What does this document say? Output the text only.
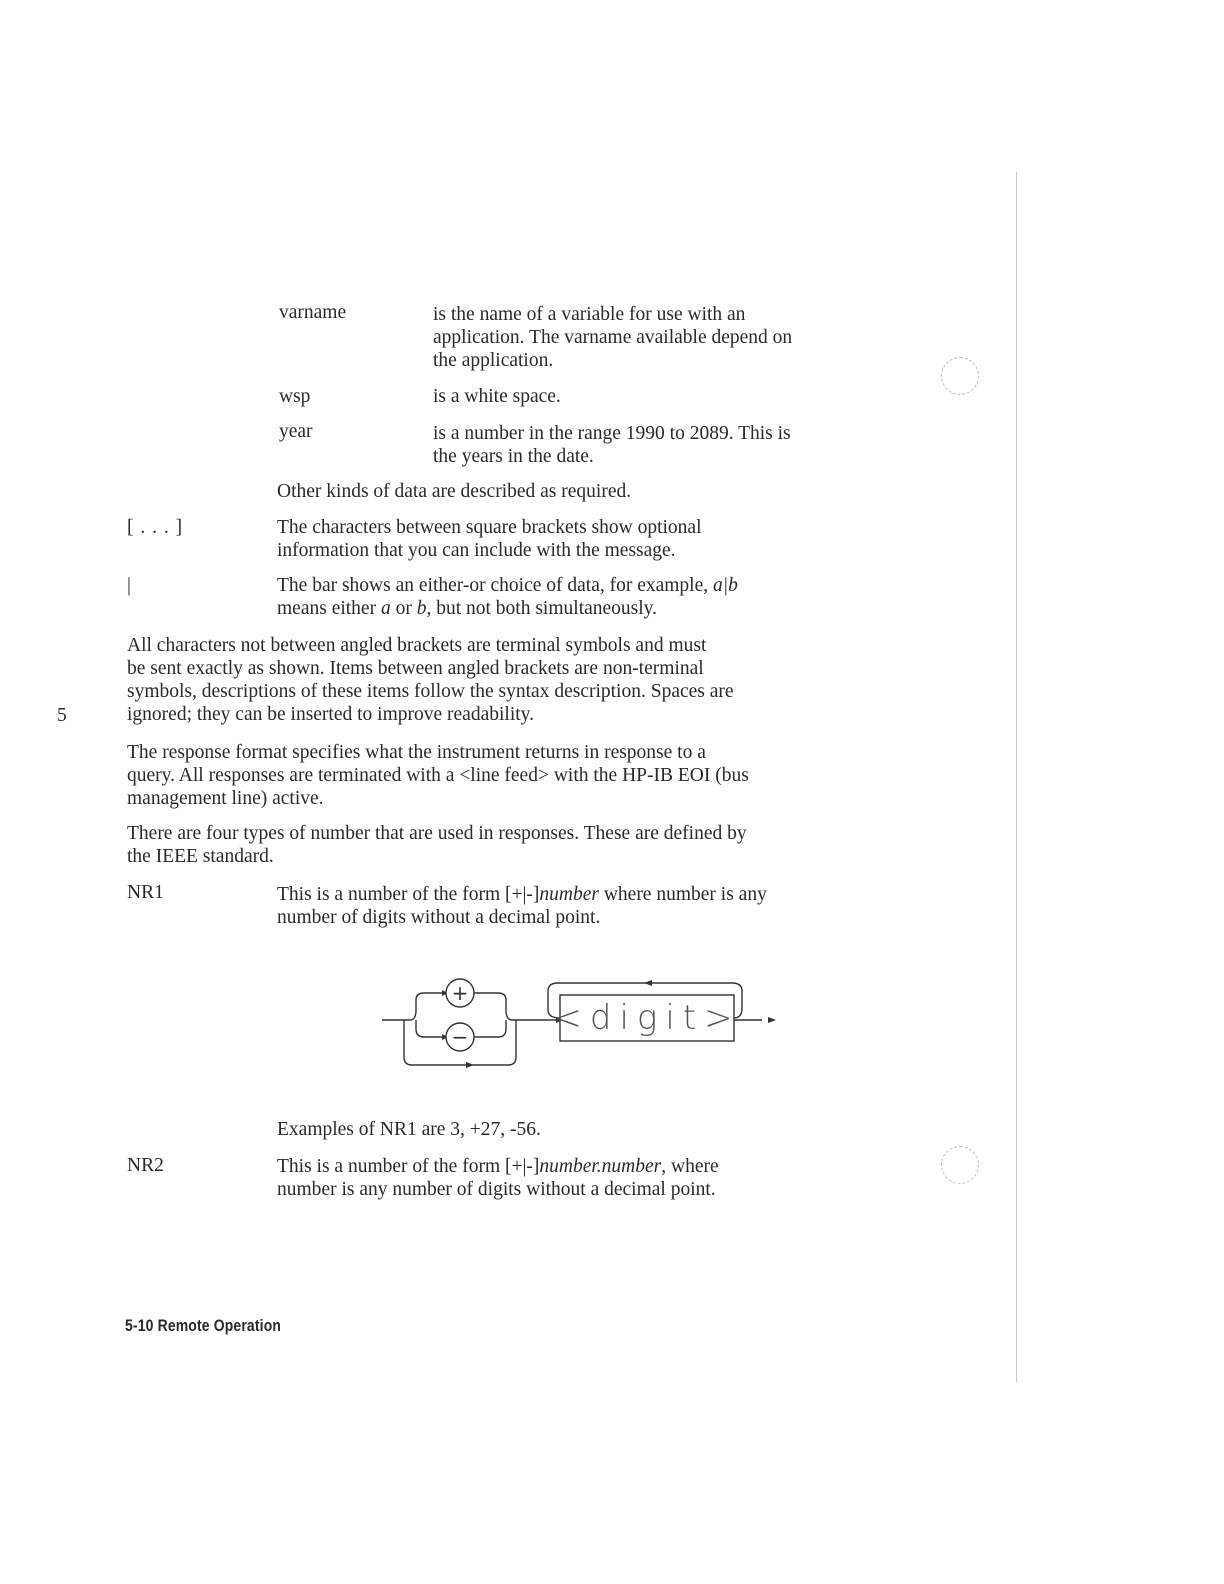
varname	is the name of a variable for use with an
application. The varname available depend on
the application.
wsp	is a white space.
year	is a number in the range 1990 to 2089. This is
the years in the date.
Other kinds of data are described as required.
[ . . . ]	The characters between square brackets show optional
information that you can include with the message.
|	The bar shows an either-or choice of data, for example, a|b
means either a or b, but not both simultaneously.
5
All characters not between angled brackets are terminal symbols and must
be sent exactly as shown. Items between angled brackets are non-terminal
symbols, descriptions of these items follow the syntax description. Spaces are
ignored; they can be inserted to improve readability.
The response format specifies what the instrument returns in response to a
query. All responses are terminated with a <line feed> with the HP-IB EOI (bus
management line) active.
There are four types of number that are used in responses. These are defined by
the IEEE standard.
NR1	This is a number of the form [+|-]number where number is any
number of digits without a decimal point.
+
−	<digit>
Examples of NR1 are 3, +27, -56.
NR2	This is a number of the form [+|-]number.number, where
number is any number of digits without a decimal point.
5-10 Remote Operation
